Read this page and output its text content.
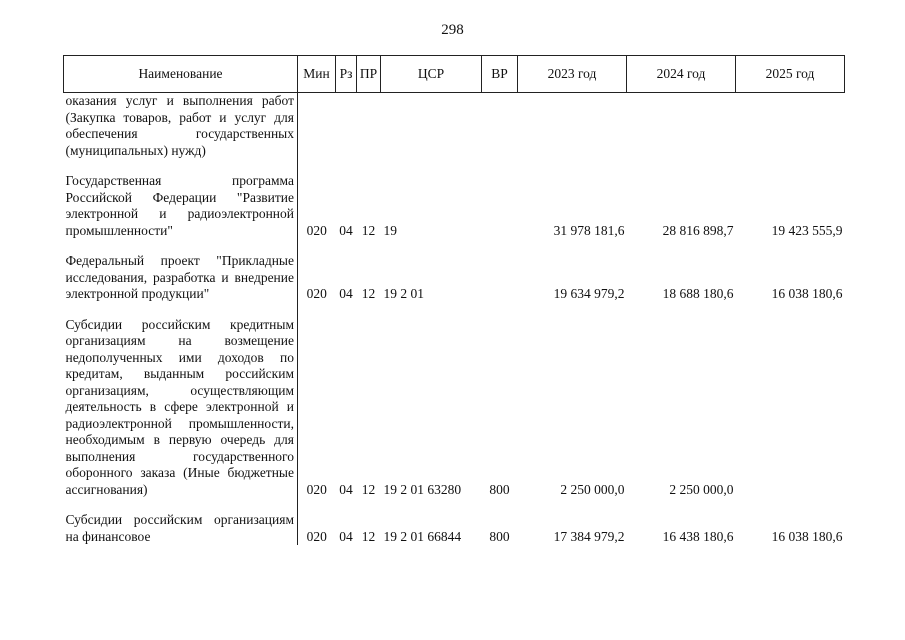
298
Наименование	Мин	Рз	ПР	ЦСР	ВР	2023 год	2024 год	2025 год
оказания услуг и выполнения работ (Закупка товаров, работ и услуг для обеспечения государственных (муниципальных) нужд)								

Государственная программа Российской Федерации "Развитие электронной и радиоэлектронной промышленности"	020	04	12	19		31 978 181,6	28 816 898,7	19 423 555,9

Федеральный проект "Прикладные исследования, разработка и внедрение электронной продукции"	020	04	12	19 2 01		19 634 979,2	18 688 180,6	16 038 180,6

Субсидии российским кредитным организациям на возмещение недополученных ими доходов по кредитам, выданным российским организациям, осуществляющим деятельность в сфере электронной и радиоэлектронной промышленности, необходимым в первую очередь для выполнения государственного оборонного заказа (Иные бюджетные ассигнования)	020	04	12	19 2 01 63280	800	2 250 000,0	2 250 000,0	

Субсидии российским организациям на финансовое	020	04	12	19 2 01 66844	800	17 384 979,2	16 438 180,6	16 038 180,6
